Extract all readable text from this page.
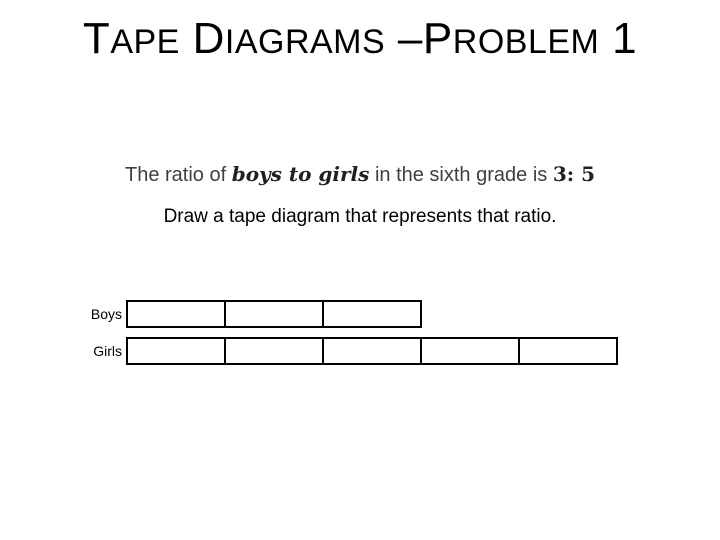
TAPE DIAGRAMS –PROBLEM 1
The ratio of boys to girls in the sixth grade is 3: 5
Draw a tape diagram that represents that ratio.
Boys
Girls
